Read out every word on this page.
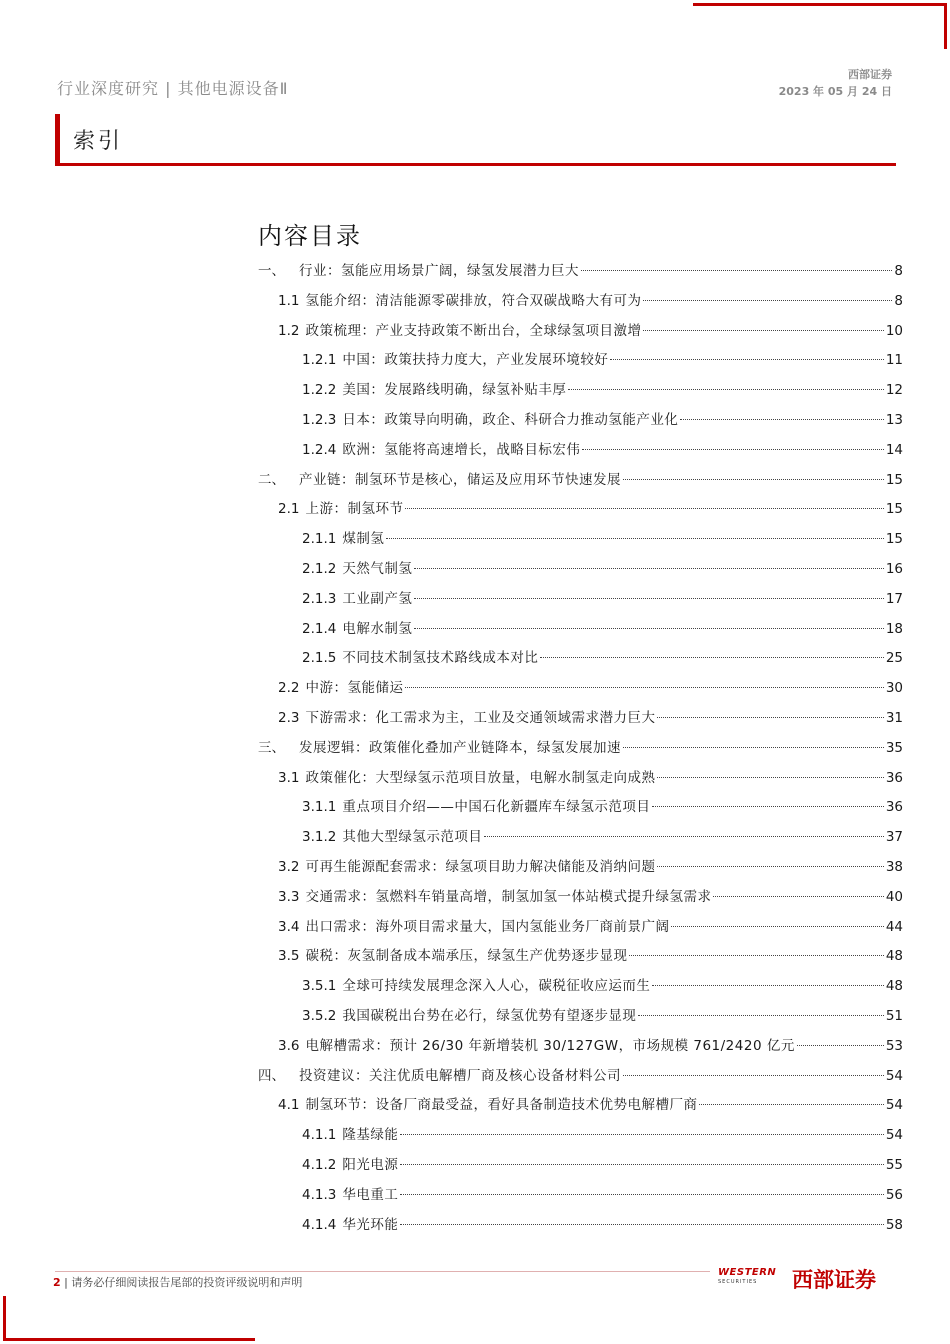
行业深度研究 | 其他电源设备Ⅱ
西部证券
2023 年 05 月 24 日
索引
内容目录
一、 行业：氢能应用场景广阔，绿氢发展潜力巨大	8
1.1 氢能介绍：清洁能源零碳排放，符合双碳战略大有可为	8
1.2 政策梳理：产业支持政策不断出台，全球绿氢项目激增	10
1.2.1 中国：政策扶持力度大，产业发展环境较好	11
1.2.2 美国：发展路线明确，绿氢补贴丰厚	12
1.2.3 日本：政策导向明确，政企、科研合力推动氢能产业化	13
1.2.4 欧洲：氢能将高速增长，战略目标宏伟	14
二、 产业链：制氢环节是核心，储运及应用环节快速发展	15
2.1 上游：制氢环节	15
2.1.1 煤制氢	15
2.1.2 天然气制氢	16
2.1.3 工业副产氢	17
2.1.4 电解水制氢	18
2.1.5 不同技术制氢技术路线成本对比	25
2.2 中游：氢能储运	30
2.3 下游需求：化工需求为主，工业及交通领域需求潜力巨大	31
三、 发展逻辑：政策催化叠加产业链降本，绿氢发展加速	35
3.1 政策催化：大型绿氢示范项目放量，电解水制氢走向成熟	36
3.1.1 重点项目介绍——中国石化新疆库车绿氢示范项目	36
3.1.2 其他大型绿氢示范项目	37
3.2 可再生能源配套需求：绿氢项目助力解决储能及消纳问题	38
3.3 交通需求：氢燃料车销量高增，制氢加氢一体站模式提升绿氢需求	40
3.4 出口需求：海外项目需求量大，国内氢能业务厂商前景广阔	44
3.5 碳税：灰氢制备成本端承压，绿氢生产优势逐步显现	48
3.5.1 全球可持续发展理念深入人心，碳税征收应运而生	48
3.5.2 我国碳税出台势在必行，绿氢优势有望逐步显现	51
3.6 电解槽需求：预计 26/30 年新增装机 30/127GW，市场规模 761/2420 亿元	53
四、 投资建议：关注优质电解槽厂商及核心设备材料公司	54
4.1 制氢环节：设备厂商最受益，看好具备制造技术优势电解槽厂商	54
4.1.1 隆基绿能	54
4.1.2 阳光电源	55
4.1.3 华电重工	56
4.1.4 华光环能	58
2 | 请务必仔细阅读报告尾部的投资评级说明和声明
WESTERN
SECURITIES	西部证券
